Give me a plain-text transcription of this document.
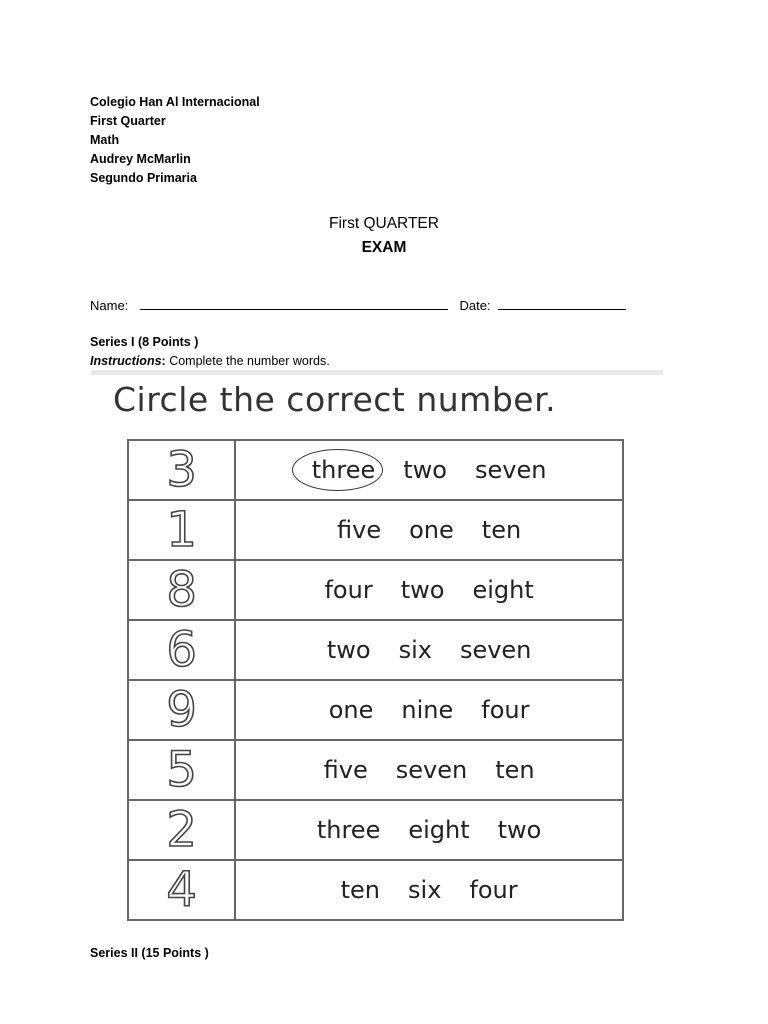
Colegio Han Al Internacional
First Quarter
Math
Audrey McMarlin
Segundo Primaria
First QUARTER
EXAM
Name:	Date:
Series I (8 Points )
Instructions: Complete the number words.
Circle the correct number.
3	three two seven
1	five one ten
8	four two eight
6	two six seven
9	one nine four
5	five seven ten
2	three eight two
4	ten six four
Series II (15 Points )
